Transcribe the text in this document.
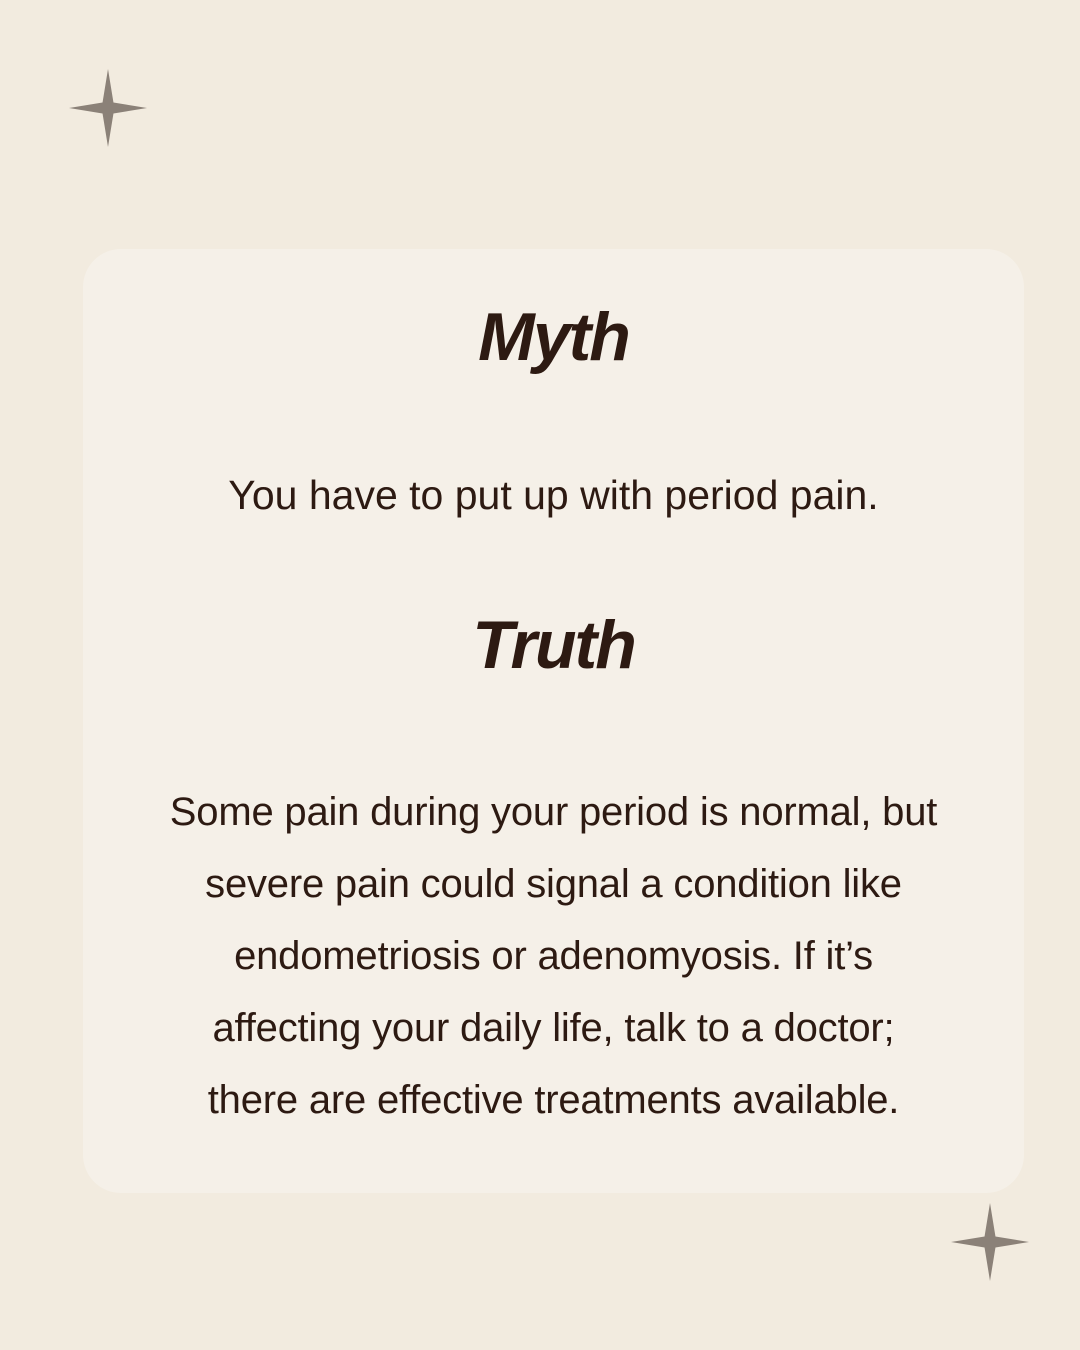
Myth

You have to put up with period pain.

Truth

Some pain during your period is normal, but
severe pain could signal a condition like
endometriosis or adenomyosis. If it’s
affecting your daily life, talk to a doctor;
there are effective treatments available.
